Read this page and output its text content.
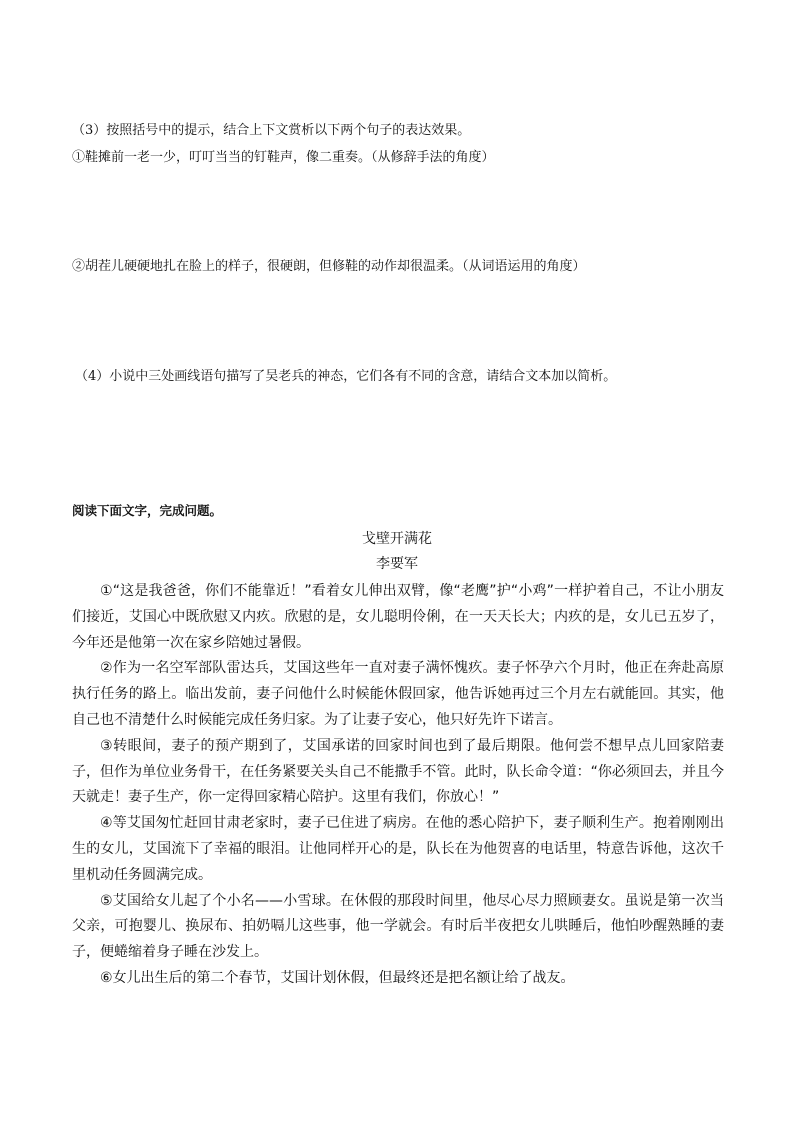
（3）按照括号中的提示，结合上下文赏析以下两个句子的表达效果。
①鞋摊前一老一少，叮叮当当的钉鞋声，像二重奏。（从修辞手法的角度）
②胡茬儿硬硬地扎在脸上的样子，很硬朗，但修鞋的动作却很温柔。（从词语运用的角度）
（4）小说中三处画线语句描写了吴老兵的神态，它们各有不同的含意，请结合文本加以简析。
阅读下面文字，完成问题。
戈壁开满花
李要军

①“这是我爸爸，你们不能靠近！”看着女儿伸出双臂，像“老鹰”护“小鸡”一样护着自己，不让小朋友们接近，艾国心中既欣慰又内疚。欣慰的是，女儿聪明伶俐，在一天天长大；内疚的是，女儿已五岁了，今年还是他第一次在家乡陪她过暑假。

②作为一名空军部队雷达兵，艾国这些年一直对妻子满怀愧疚。妻子怀孕六个月时，他正在奔赴高原执行任务的路上。临出发前，妻子问他什么时候能休假回家，他告诉她再过三个月左右就能回。其实，他自己也不清楚什么时候能完成任务归家。为了让妻子安心，他只好先许下诺言。

③转眼间，妻子的预产期到了，艾国承诺的回家时间也到了最后期限。他何尝不想早点儿回家陪妻子，但作为单位业务骨干，在任务紧要关头自己不能撒手不管。此时，队长命令道：“你必须回去，并且今天就走！妻子生产，你一定得回家精心陪护。这里有我们，你放心！”

④等艾国匆忙赶回甘肃老家时，妻子已住进了病房。在他的悉心陪护下，妻子顺利生产。抱着刚刚出生的女儿，艾国流下了幸福的眼泪。让他同样开心的是，队长在为他贺喜的电话里，特意告诉他，这次千里机动任务圆满完成。

⑤艾国给女儿起了个小名——小雪球。在休假的那段时间里，他尽心尽力照顾妻女。虽说是第一次当父亲，可抱婴儿、换尿布、拍奶嗝儿这些事，他一学就会。有时后半夜把女儿哄睡后，他怕吵醒熟睡的妻子，便蜷缩着身子睡在沙发上。

⑥女儿出生后的第二个春节，艾国计划休假，但最终还是把名额让给了战友。
